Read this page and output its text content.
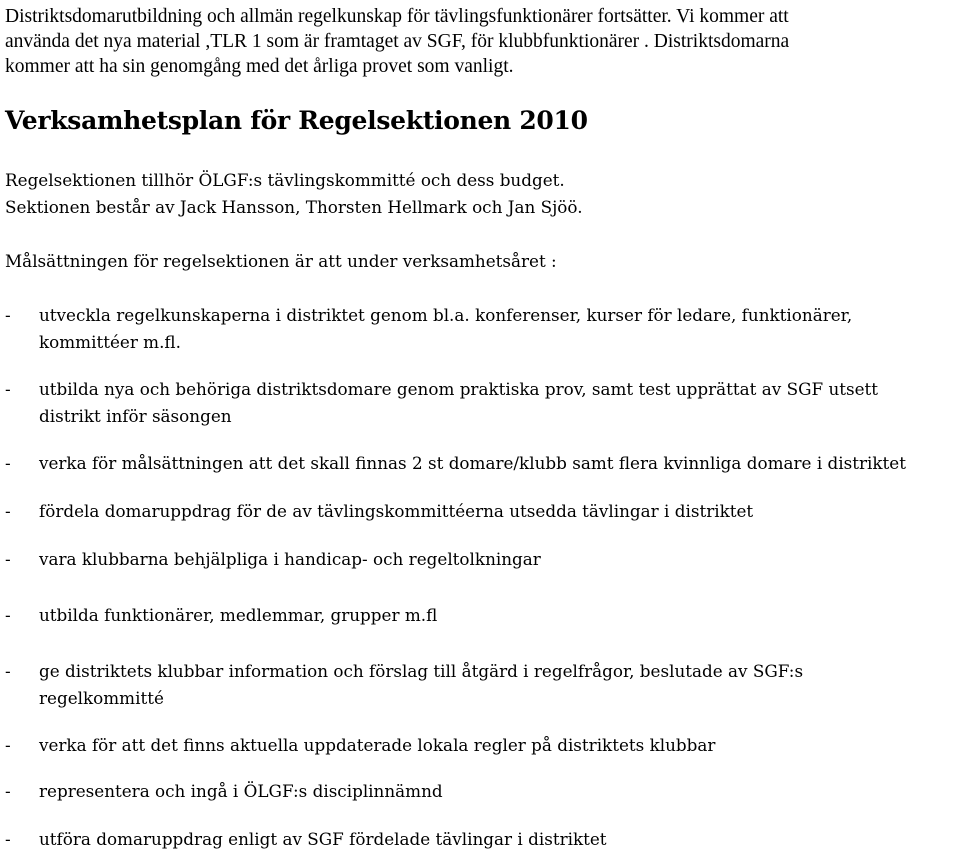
Distriktsdomarutbildning och allmän regelkunskap för tävlingsfunktionärer fortsätter. Vi kommer att
använda det nya material ,TLR 1 som är framtaget av SGF, för klubbfunktionärer . Distriktsdomarna
kommer att ha sin genomgång med det årliga provet som vanligt.
Verksamhetsplan för Regelsektionen 2010
Regelsektionen tillhör ÖLGF:s tävlingskommitté och dess budget.
Sektionen består av Jack Hansson, Thorsten Hellmark och Jan Sjöö.
Målsättningen för regelsektionen är att under verksamhetsåret :
-	utveckla regelkunskaperna i distriktet genom bl.a. konferenser, kurser för ledare, funktionärer,
kommittéer m.fl.
-	utbilda nya och behöriga distriktsdomare genom praktiska prov, samt test upprättat av SGF utsett
distrikt inför säsongen
-	verka för målsättningen att det skall finnas 2 st domare/klubb samt flera kvinnliga domare i distriktet
-	fördela domaruppdrag för de av tävlingskommittéerna utsedda tävlingar i distriktet
-	vara klubbarna behjälpliga i handicap- och regeltolkningar
-	utbilda funktionärer, medlemmar, grupper m.fl
-	ge distriktets klubbar information och förslag till åtgärd i regelfrågor, beslutade av SGF:s
regelkommitté
-	verka för att det finns aktuella uppdaterade lokala regler på distriktets klubbar
-	representera och ingå i ÖLGF:s disciplinnämnd
-	utföra domaruppdrag enligt av SGF fördelade tävlingar i distriktet
